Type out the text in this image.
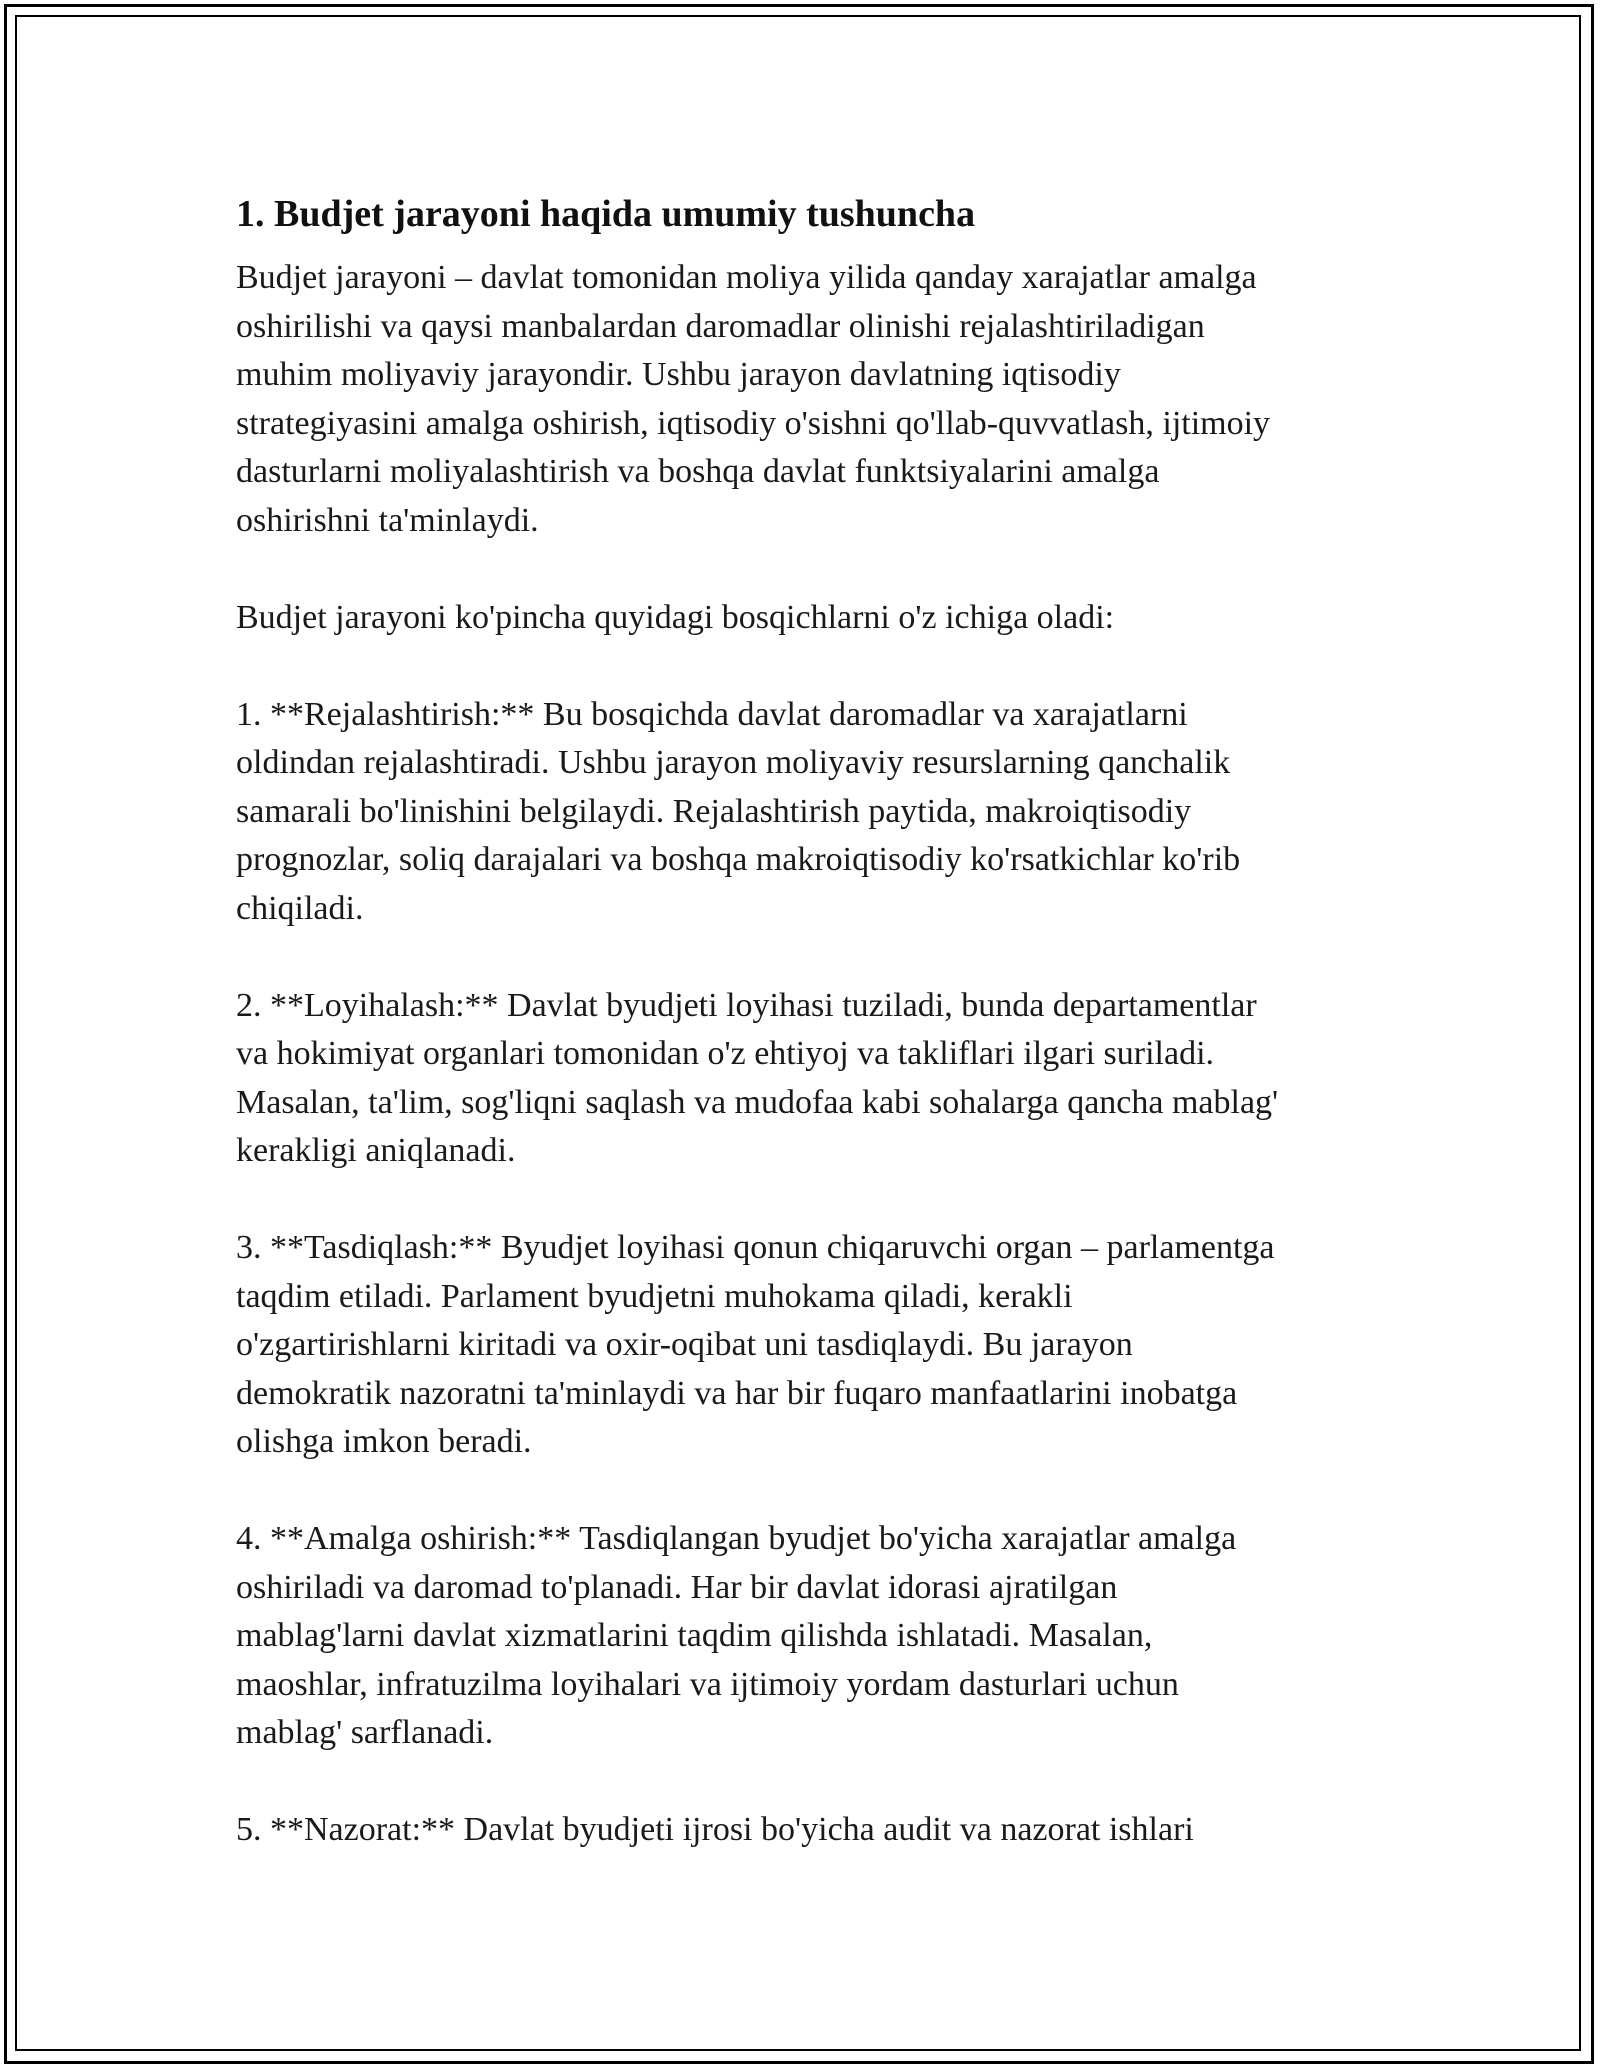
1. Budjet jarayoni haqida umumiy tushuncha

Budjet jarayoni – davlat tomonidan moliya yilida qanday xarajatlar amalga
oshirilishi va qaysi manbalardan daromadlar olinishi rejalashtiriladigan
muhim moliyaviy jarayondir. Ushbu jarayon davlatning iqtisodiy
strategiyasini amalga oshirish, iqtisodiy o'sishni qo'llab-quvvatlash, ijtimoiy
dasturlarni moliyalashtirish va boshqa davlat funktsiyalarini amalga
oshirishni ta'minlaydi.

Budjet jarayoni ko'pincha quyidagi bosqichlarni o'z ichiga oladi:

1. **Rejalashtirish:** Bu bosqichda davlat daromadlar va xarajatlarni
oldindan rejalashtiradi. Ushbu jarayon moliyaviy resurslarning qanchalik
samarali bo'linishini belgilaydi. Rejalashtirish paytida, makroiqtisodiy
prognozlar, soliq darajalari va boshqa makroiqtisodiy ko'rsatkichlar ko'rib
chiqiladi.

2. **Loyihalash:** Davlat byudjeti loyihasi tuziladi, bunda departamentlar
va hokimiyat organlari tomonidan o'z ehtiyoj va takliflari ilgari suriladi.
Masalan, ta'lim, sog'liqni saqlash va mudofaa kabi sohalarga qancha mablag'
kerakligi aniqlanadi.

3. **Tasdiqlash:** Byudjet loyihasi qonun chiqaruvchi organ – parlamentga
taqdim etiladi. Parlament byudjetni muhokama qiladi, kerakli
o'zgartirishlarni kiritadi va oxir-oqibat uni tasdiqlaydi. Bu jarayon
demokratik nazoratni ta'minlaydi va har bir fuqaro manfaatlarini inobatga
olishga imkon beradi.

4. **Amalga oshirish:** Tasdiqlangan byudjet bo'yicha xarajatlar amalga
oshiriladi va daromad to'planadi. Har bir davlat idorasi ajratilgan
mablag'larni davlat xizmatlarini taqdim qilishda ishlatadi. Masalan,
maoshlar, infratuzilma loyihalari va ijtimoiy yordam dasturlari uchun
mablag' sarflanadi.

5. **Nazorat:** Davlat byudjeti ijrosi bo'yicha audit va nazorat ishlari
